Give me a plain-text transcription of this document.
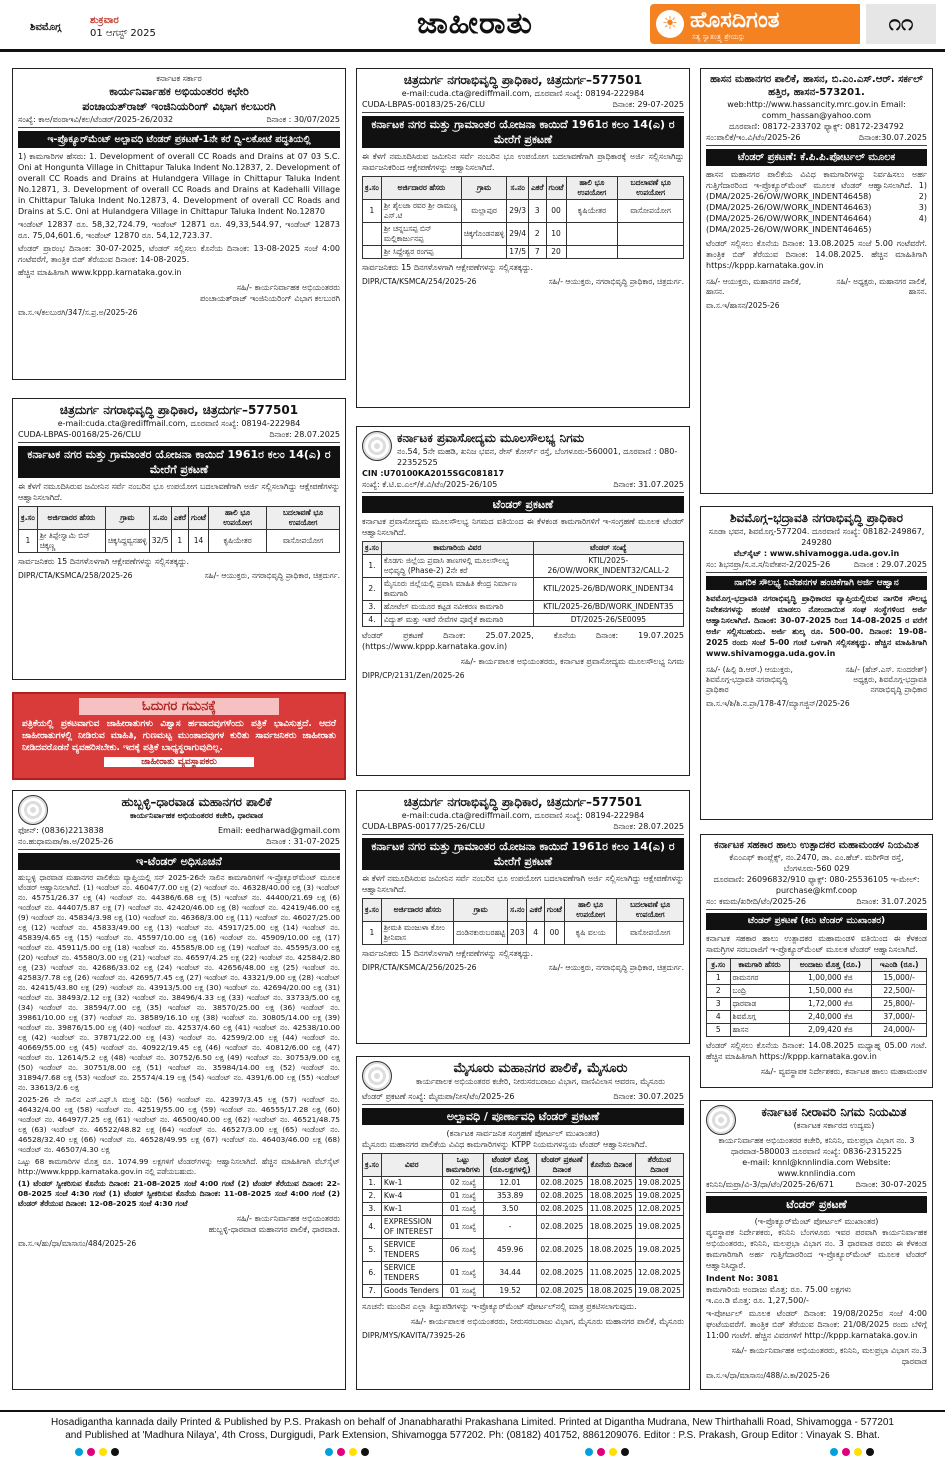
ಶಿವಮೊಗ್ಗ
ಶುಕ್ರವಾರ
01 ಆಗಸ್ಟ್ 2025	ಜಾಹೀರಾತು	☀ ಹೊಸದಿಗಂತ
ಸತ್ಯ ಸ್ವಾತಂತ್ರ್ಯ ಶ್ರೇಯಸ್ಸು
೧೧
ಕರ್ನಾಟಕ ಸರ್ಕಾರ
ಕಾರ್ಯನಿರ್ವಾಹಕ ಅಭಿಯಂತರರ ಕಛೇರಿ
ಪಂಚಾಯತ್‌ರಾಜ್ ಇಂಜಿನಿಯರಿಂಗ್ ವಿಭಾಗ ಕಲಬುರಗಿ
ಸಂಖ್ಯೆ: ಕಾಅ/ಪಂರಾಇವಿ/ಕಲ/ಟೆಂಡರ್/2025-26/2032	ದಿನಾಂಕ : 30/07/2025
ಇ-ಪ್ರೊಕ್ಯೂರ್‌ಮೆಂಟ್ ಅಲ್ಪಾವಧಿ ಟೆಂಡರ್ ಪ್ರಕಟಣೆ-1ನೇ ಕರೆ ದ್ವಿ-ಲಕೋಟೆ ಪದ್ಧತಿಯಲ್ಲಿ
1) ಕಾಮಗಾರಿಗಳ ಹೆಸರು: 1. Development of overall CC Roads and Drains at 07 03 S.C. Oni at Honguntа Village in Chittapur Taluka Indent No.12837, 2. Development of overall CC Roads and Drains at Hulandgera Village in Chittapur Taluka Indent No.12871, 3. Development of overall CC Roads and Drains at Kadehalli Village in Chittapur Taluka Indent No.12873, 4. Development of overall CC Roads and Drains at S.C. Oni at Hulandgera Village in Chittapur Taluka Indent No.12870
ಇಂಡೆಂಟ್ 12837 ರೂ. 58,32,724.79, ಇಂಡೆಂಟ್ 12871 ರೂ. 49,33,544.97, ಇಂಡೆಂಟ್ 12873 ರೂ. 75,04,601.6, ಇಂಡೆಂಟ್ 12870 ರೂ. 54,12,723.37.
ಟೆಂಡರ್ ಪ್ರಾರಂಭ ದಿನಾಂಕ: 30-07-2025, ಟೆಂಡರ್ ಸಲ್ಲಿಸಲು ಕೊನೆಯ ದಿನಾಂಕ: 13-08-2025 ಸಂಜೆ 4:00 ಗಂಟೆವರೆಗೆ, ತಾಂತ್ರಿಕ ಬಿಡ್ ತೆರೆಯುವ ದಿನಾಂಕ: 14-08-2025.
ಹೆಚ್ಚಿನ ಮಾಹಿತಿಗಾಗಿ www.kppp.karnataka.gov.in
ಸಹಿ/- ಕಾರ್ಯನಿರ್ವಾಹಕ ಅಭಿಯಂತರರು
ಪಂಚಾಯತ್‌ರಾಜ್ ಇಂಜಿನಿಯರಿಂಗ್ ವಿಭಾಗ ಕಲಬುರಗಿ
ವಾ.ಸ.ಇ/ಕಲಬುರಗಿ/347/ಸ.ಪ್ರ.ಅ/2025-26
ಚಿತ್ರದುರ್ಗ ನಗರಾಭಿವೃದ್ಧಿ ಪ್ರಾಧಿಕಾರ, ಚಿತ್ರದುರ್ಗ–577501
e-mail:cuda.cta@rediffmail.com, ದೂರವಾಣಿ ಸಂಖ್ಯೆ: 08194-222984
CUDA-LBPAS-00183/25-26/CLU	ದಿನಾಂಕ: 29-07-2025
ಕರ್ನಾಟಕ ನಗರ ಮತ್ತು ಗ್ರಾಮಾಂತರ ಯೋಜನಾ ಕಾಯಿದೆ 1961ರ ಕಲಂ 14(ಎ) ರ ಮೇರೆಗೆ ಪ್ರಕಟಣೆ
ಈ ಕೆಳಗೆ ನಮೂದಿಸಿರುವ ಜಮೀನಿನ ಸರ್ವೆ ನಂಬರಿನ ಭೂ ಉಪಯೋಗ ಬದಲಾವಣೆಗಾಗಿ ಪ್ರಾಧಿಕಾರಕ್ಕೆ ಅರ್ಜಿ ಸಲ್ಲಿಸಲಾಗಿದ್ದು ಸಾರ್ವಜನಿಕರಿಂದ ಆಕ್ಷೇಪಣೆಗಳನ್ನು ಆಹ್ವಾನಿಸಲಾಗಿದೆ.
ಕ್ರ.ಸಂ	ಅರ್ಜಿದಾರರ ಹೆಸರು	ಗ್ರಾಮ	ಸ.ನಂ	ಎಕರೆ	ಗುಂಟೆ	ಹಾಲಿ ಭೂ ಉಪಯೋಗ	ಬದಲಾವಣೆ ಭೂ ಉಪಯೋಗ
1	ಶ್ರೀ ಶೈಲಜಾ ರವರ ಶ್ರೀ ರಾಮಣ್ಣ ಎಸ್.ಟಿ	ಮಲ್ಲಾಪುರ	29/3	3	00	ಕೃಷಿಯೇತರ	ವಾಸೋಪಯೋಗ
	ಶ್ರೀ ಚನ್ನಬಸಪ್ಪ ಬಿನ್ ಮಲ್ಲಿಕಾರ್ಜುನಪ್ಪ	ಚಿಕ್ಕಗೊಂಡನಹಳ್ಳಿ	29/4	2	10		
	ಶ್ರೀ ಸಿದ್ದೇಶ್ವರ ರಂಗಪ್ಪ		17/5	7	20		
ಸಾರ್ವಜನಿಕರು 15 ದಿನಗಳೊಳಗಾಗಿ ಆಕ್ಷೇಪಣೆಗಳನ್ನು ಸಲ್ಲಿಸತಕ್ಕದ್ದು.
DIPR/CTA/KSMCA/254/2025-26	ಸಹಿ/- ಆಯುಕ್ತರು, ನಗರಾಭಿವೃದ್ಧಿ ಪ್ರಾಧಿಕಾರ, ಚಿತ್ರದುರ್ಗ.
ಹಾಸನ ಮಹಾನಗರ ಪಾಲಿಕೆ, ಹಾಸನ, ಬಿ.ಎಂ.ಎಸ್.ಆರ್. ಸರ್ಕಲ್ ಹತ್ತಿರ, ಹಾಸನ-573201.
web:http://www.hassancity.mrc.gov.in Email: comm_hassan@yahoo.com
ದೂರವಾಣಿ: 08172-233702 ಫ್ಯಾಕ್ಸ್: 08172-234792
ಸಂ:ಪಾಲಿಕೆ/ಇಂ.ವಿ/ಟೆಂ/2025-26	ದಿನಾಂಕ:30.07.2025
ಟೆಂಡರ್ ಪ್ರಕಟಣೆ: ಕೆ.ಪಿ.ಪಿ.ಪೋರ್ಟಲ್ ಮೂಲಕ
ಹಾಸನ ಮಹಾನಗರ ಪಾಲಿಕೆಯ ವಿವಿಧ ಕಾಮಗಾರಿಗಳನ್ನು ನಿರ್ವಹಿಸಲು ಅರ್ಹ ಗುತ್ತಿಗೆದಾರರಿಂದ ಇ-ಪ್ರೊಕ್ಯೂರ್‌ಮೆಂಟ್ ಮೂಲಕ ಟೆಂಡರ್ ಆಹ್ವಾನಿಸಲಾಗಿದೆ. 1) (DMA/2025-26/OW/WORK_INDENT46458) 2) (DMA/2025-26/OW/WORK_INDENT46463) 3) (DMA/2025-26/OW/WORK_INDENT46464) 4) (DMA/2025-26/OW/WORK_INDENT46465)
ಟೆಂಡರ್ ಸಲ್ಲಿಸಲು ಕೊನೆಯ ದಿನಾಂಕ: 13.08.2025 ಸಂಜೆ 5.00 ಗಂಟೆವರೆಗೆ. ತಾಂತ್ರಿಕ ಬಿಡ್ ತೆರೆಯುವ ದಿನಾಂಕ: 14.08.2025. ಹೆಚ್ಚಿನ ಮಾಹಿತಿಗಾಗಿ https://kppp.karnataka.gov.in
ಸಹಿ/- ಆಯುಕ್ತರು, ಮಹಾನಗರ ಪಾಲಿಕೆ, ಹಾಸನ.
ಸಹಿ/- ಅಧ್ಯಕ್ಷರು, ಮಹಾನಗರ ಪಾಲಿಕೆ, ಹಾಸನ.
ವಾ.ಸ.ಇ/ಹಾಸನ/2025-26
ಚಿತ್ರದುರ್ಗ ನಗರಾಭಿವೃದ್ಧಿ ಪ್ರಾಧಿಕಾರ, ಚಿತ್ರದುರ್ಗ–577501
e-mail:cuda.cta@rediffmail.com, ದೂರವಾಣಿ ಸಂಖ್ಯೆ: 08194-222984
CUDA-LBPAS-00168/25-26/CLU	ದಿನಾಂಕ: 28.07.2025
ಕರ್ನಾಟಕ ನಗರ ಮತ್ತು ಗ್ರಾಮಾಂತರ ಯೋಜನಾ ಕಾಯಿದೆ 1961ರ ಕಲಂ 14(ಎ) ರ ಮೇರೆಗೆ ಪ್ರಕಟಣೆ
ಈ ಕೆಳಗೆ ನಮೂದಿಸಿರುವ ಜಮೀನಿನ ಸರ್ವೆ ನಂಬರಿನ ಭೂ ಉಪಯೋಗ ಬದಲಾವಣೆಗಾಗಿ ಅರ್ಜಿ ಸಲ್ಲಿಸಲಾಗಿದ್ದು ಆಕ್ಷೇಪಣೆಗಳನ್ನು ಆಹ್ವಾನಿಸಲಾಗಿದೆ.
ಕ್ರ.ಸಂ	ಅರ್ಜಿದಾರರ ಹೆಸರು	ಗ್ರಾಮ	ಸ.ನಂ	ಎಕರೆ	ಗುಂಟೆ	ಹಾಲಿ ಭೂ ಉಪಯೋಗ	ಬದಲಾವಣೆ ಭೂ ಉಪಯೋಗ
1	ಶ್ರೀ ತಿಪ್ಪೇಸ್ವಾಮಿ ಬಿನ್ ಚಿಕ್ಕಣ್ಣ	ಚಿಕ್ಕಸಿದ್ದವ್ವನಹಳ್ಳಿ	32/5	1	14	ಕೃಷಿಯೇತರ	ವಾಸೋಪಯೋಗ
ಸಾರ್ವಜನಿಕರು 15 ದಿನಗಳೊಳಗಾಗಿ ಆಕ್ಷೇಪಣೆಗಳನ್ನು ಸಲ್ಲಿಸತಕ್ಕದ್ದು.
DIPR/CTA/KSMCA/258/2025-26	ಸಹಿ/- ಆಯುಕ್ತರು, ನಗರಾಭಿವೃದ್ಧಿ ಪ್ರಾಧಿಕಾರ, ಚಿತ್ರದುರ್ಗ.
ಕರ್ನಾಟಕ ಪ್ರವಾಸೋದ್ಯಮ ಮೂಲಸೌಲಭ್ಯ ನಿಗಮ
ನಂ.54, 5ನೇ ಮಹಡಿ, ಖನಿಜ ಭವನ, ರೇಸ್ ಕೋರ್ಸ್ ರಸ್ತೆ, ಬೆಂಗಳೂರು-560001, ದೂರವಾಣಿ : 080-22352525
CIN :U70100KA2015SGC081817
ಸಂಖ್ಯೆ: ಕೆ.ಟಿ.ಐ.ಎಲ್/ಕೆ.ವಿ/ಟೆಂ/2025-26/105	ದಿನಾಂಕ: 31.07.2025
ಟೆಂಡರ್ ಪ್ರಕಟಣೆ
ಕರ್ನಾಟಕ ಪ್ರವಾಸೋದ್ಯಮ ಮೂಲಸೌಲಭ್ಯ ನಿಗಮದ ವತಿಯಿಂದ ಈ ಕೆಳಕಂಡ ಕಾಮಗಾರಿಗಳಿಗೆ ಇ-ಸಂಗ್ರಹಣೆ ಮೂಲಕ ಟೆಂಡರ್ ಆಹ್ವಾನಿಸಲಾಗಿದೆ.
ಕ್ರ.ಸಂ	ಕಾಮಗಾರಿಯ ವಿವರ	ಟೆಂಡರ್ ಸಂಖ್ಯೆ
1.	ಕೊಡಗು ಜಿಲ್ಲೆಯ ಪ್ರವಾಸಿ ತಾಣಗಳಲ್ಲಿ ಮೂಲಸೌಲಭ್ಯ ಅಭಿವೃದ್ಧಿ (Phase-2) 2ನೇ ಕರೆ	KTIL/2025-26/OW/WORK_INDENT32/CALL-2
2.	ಮೈಸೂರು ಜಿಲ್ಲೆಯಲ್ಲಿ ಪ್ರವಾಸಿ ಮಾಹಿತಿ ಕೇಂದ್ರ ನಿರ್ಮಾಣ ಕಾಮಗಾರಿ	KTIL/2025-26/BD/WORK_INDENT34
3.	ಹೋಟೆಲ್ ಮಯೂರ ಕಟ್ಟಡ ನವೀಕರಣ ಕಾಮಗಾರಿ	KTIL/2025-26/BD/WORK_INDENT35
4.	ವಿದ್ಯುತ್ ಮತ್ತು ಇತರೆ ಸೇವೆಗಳ ಪೂರೈಕೆ ಕಾಮಗಾರಿ	DT/2025-26/SE0095
ಟೆಂಡರ್ ಪ್ರಕಟಣೆ ದಿನಾಂಕ: 25.07.2025, ಕೊನೆಯ ದಿನಾಂಕ: 19.07.2025 (https://www.kppp.karnataka.gov.in)
ಸಹಿ/- ಕಾರ್ಯಪಾಲಕ ಅಭಿಯಂತರರು, ಕರ್ನಾಟಕ ಪ್ರವಾಸೋದ್ಯಮ ಮೂಲಸೌಲಭ್ಯ ನಿಗಮ
DIPR/CP/2131/Zen/2025-26
ಶಿವಮೊಗ್ಗ–ಭದ್ರಾವತಿ ನಗರಾಭಿವೃದ್ಧಿ ಪ್ರಾಧಿಕಾರ
ಸೂಡಾ ಭವನ, ಶಿವಮೊಗ್ಗ-577204. ದೂರವಾಣಿ ಸಂಖ್ಯೆ: 08182-249867, 249280
ವೆಬ್‌ಸೈಟ್ : www.shivamogga.uda.gov.in
ಸಂ: ಶಿಭನಪ್ರಾ/ಸ.ನ.ಸ/ನಿವೇಶನ-2/2025-26	ದಿನಾಂಕ : 29.07.2025
ನಾಗರಿಕ ಸೌಲಭ್ಯ ನಿವೇಶನಗಳ ಹಂಚಿಕೆಗಾಗಿ ಅರ್ಜಿ ಆಹ್ವಾನ
ಶಿವಮೊಗ್ಗ-ಭದ್ರಾವತಿ ನಗರಾಭಿವೃದ್ಧಿ ಪ್ರಾಧಿಕಾರದ ವ್ಯಾಪ್ತಿಯಲ್ಲಿರುವ ನಾಗರಿಕ ಸೌಲಭ್ಯ ನಿವೇಶನಗಳನ್ನು ಹಂಚಿಕೆ ಮಾಡಲು ನೋಂದಾಯಿತ ಸಂಘ ಸಂಸ್ಥೆಗಳಿಂದ ಅರ್ಜಿ ಆಹ್ವಾನಿಸಲಾಗಿದೆ. ದಿನಾಂಕ: 30-07-2025 ರಿಂದ 14-08-2025 ರ ವರೆಗೆ ಅರ್ಜಿ ಸಲ್ಲಿಸಬಹುದು. ಅರ್ಜಿ ಶುಲ್ಕ ರೂ. 500-00. ದಿನಾಂಕ: 19-08-2025 ರಂದು ಸಂಜೆ 5-00 ಗಂಟೆ ಒಳಗಾಗಿ ಸಲ್ಲಿಸತಕ್ಕದ್ದು. ಹೆಚ್ಚಿನ ಮಾಹಿತಿಗಾಗಿ www.shivamogga.uda.gov.in
ಸಹಿ/- (ಹಿಲ್ಪಿ ಡಿ.ಆರ್.) ಆಯುಕ್ತರು, ಶಿವಮೊಗ್ಗ-ಭದ್ರಾವತಿ ನಗರಾಭಿವೃದ್ಧಿ ಪ್ರಾಧಿಕಾರ
ಸಹಿ/- (ಹೆಚ್.ಎಸ್. ಸುಂದರೇಶ್) ಅಧ್ಯಕ್ಷರು, ಶಿವಮೊಗ್ಗ-ಭದ್ರಾವತಿ ನಗರಾಭಿವೃದ್ಧಿ ಪ್ರಾಧಿಕಾರ
ವಾ.ಸ.ಇ/ಶಿ/ಶಿ.ನ.ಪ್ರಾ/178-47/ಮ್ಯಾಗಜ್ಜಿನ್/2025-26
ಓದುಗರ ಗಮನಕ್ಕೆ
ಪತ್ರಿಕೆಯಲ್ಲಿ ಪ್ರಕಟವಾಗುವ ಜಾಹೀರಾತುಗಳು ವಿಶ್ವಾಸ ರ್ಹವಾದವುಗಳೆಂದು ಪತ್ರಿಕೆ ಭಾವಿಸುತ್ತದೆ. ಆದರೆ ಜಾಹೀರಾತುಗಳಲ್ಲಿ ನೀಡಿರುವ ಮಾಹಿತಿ, ಗುಣಮಟ್ಟ ಮುಂತಾದವುಗಳ ಕುರಿತು ಸಾರ್ವಜನಿಕರು ಜಾಹೀರಾತು ನೀಡಿದವರೊಡನೆ ವ್ಯವಹರಿಸಬೇಕು. ಇದಕ್ಕೆ ಪತ್ರಿಕೆ ಬಾಧ್ಯಸ್ಥರಾಗುವುದಿಲ್ಲ.
ಜಾಹೀರಾತು ವ್ಯವಸ್ಥಾಪಕರು
ಹುಬ್ಬಳ್ಳಿ–ಧಾರವಾಡ ಮಹಾನಗರ ಪಾಲಿಕೆ
ಕಾರ್ಯನಿರ್ವಾಹಕ ಅಭಿಯಂತರರ ಕಚೇರಿ, ಧಾರವಾಡ
ಫೋನ್: (0836)2213838	Email: eedharwad@gmail.com
ನಂ.ಹುಧಾಮಪಾ/ಕಾ.ಅ/2025-26	ದಿನಾಂಕ : 31-07-2025
ಇ-ಟೆಂಡರ್ ಅಧಿಸೂಚನೆ
ಹುಬ್ಬಳ್ಳಿ ಧಾರವಾಡ ಮಹಾನಗರ ಪಾಲಿಕೆಯ ವ್ಯಾಪ್ತಿಯಲ್ಲಿ ಸನ್ 2025-26ನೇ ಸಾಲಿನ ಕಾಮಗಾರಿಗಳಿಗೆ ಇ-ಪ್ರೊಕ್ಯೂರ್‌ಮೆಂಟ್ ಮೂಲಕ ಟೆಂಡರ್ ಆಹ್ವಾನಿಸಲಾಗಿದೆ. (1) ಇಂಡೆಂಟ್ ನಂ. 46047/7.00 ಲಕ್ಷ (2) ಇಂಡೆಂಟ್ ನಂ. 46328/40.00 ಲಕ್ಷ (3) ಇಂಡೆಂಟ್ ನಂ. 45751/26.37 ಲಕ್ಷ (4) ಇಂಡೆಂಟ್ ನಂ. 44386/6.68 ಲಕ್ಷ (5) ಇಂಡೆಂಟ್ ನಂ. 44400/21.69 ಲಕ್ಷ (6) ಇಂಡೆಂಟ್ ನಂ. 44407/5.87 ಲಕ್ಷ (7) ಇಂಡೆಂಟ್ ನಂ. 42420/46.00 ಲಕ್ಷ (8) ಇಂಡೆಂಟ್ ನಂ. 42419/46.00 ಲಕ್ಷ (9) ಇಂಡೆಂಟ್ ನಂ. 45834/3.98 ಲಕ್ಷ (10) ಇಂಡೆಂಟ್ ನಂ. 46368/3.00 ಲಕ್ಷ (11) ಇಂಡೆಂಟ್ ನಂ. 46027/25.00 ಲಕ್ಷ (12) ಇಂಡೆಂಟ್ ನಂ. 45833/49.00 ಲಕ್ಷ (13) ಇಂಡೆಂಟ್ ನಂ. 45917/25.00 ಲಕ್ಷ (14) ಇಂಡೆಂಟ್ ನಂ. 45839/4.65 ಲಕ್ಷ (15) ಇಂಡೆಂಟ್ ನಂ. 45597/10.00 ಲಕ್ಷ (16) ಇಂಡೆಂಟ್ ನಂ. 45909/10.00 ಲಕ್ಷ (17) ಇಂಡೆಂಟ್ ನಂ. 45911/5.00 ಲಕ್ಷ (18) ಇಂಡೆಂಟ್ ನಂ. 45585/8.00 ಲಕ್ಷ (19) ಇಂಡೆಂಟ್ ನಂ. 45595/3.00 ಲಕ್ಷ (20) ಇಂಡೆಂಟ್ ನಂ. 45580/3.00 ಲಕ್ಷ (21) ಇಂಡೆಂಟ್ ನಂ. 46597/4.25 ಲಕ್ಷ (22) ಇಂಡೆಂಟ್ ನಂ. 42584/2.80 ಲಕ್ಷ (23) ಇಂಡೆಂಟ್ ನಂ. 42686/33.02 ಲಕ್ಷ (24) ಇಂಡೆಂಟ್ ನಂ. 42656/48.00 ಲಕ್ಷ (25) ಇಂಡೆಂಟ್ ನಂ. 42583/7.78 ಲಕ್ಷ (26) ಇಂಡೆಂಟ್ ನಂ. 42695/7.45 ಲಕ್ಷ (27) ಇಂಡೆಂಟ್ ನಂ. 43321/9.00 ಲಕ್ಷ (28) ಇಂಡೆಂಟ್ ನಂ. 42415/43.80 ಲಕ್ಷ (29) ಇಂಡೆಂಟ್ ನಂ. 43913/5.00 ಲಕ್ಷ (30) ಇಂಡೆಂಟ್ ನಂ. 42694/20.00 ಲಕ್ಷ (31) ಇಂಡೆಂಟ್ ನಂ. 38493/2.12 ಲಕ್ಷ (32) ಇಂಡೆಂಟ್ ನಂ. 38496/4.33 ಲಕ್ಷ (33) ಇಂಡೆಂಟ್ ನಂ. 33733/5.00 ಲಕ್ಷ (34) ಇಂಡೆಂಟ್ ನಂ. 38594/7.00 ಲಕ್ಷ (35) ಇಂಡೆಂಟ್ ನಂ. 38570/25.00 ಲಕ್ಷ (36) ಇಂಡೆಂಟ್ ನಂ. 39861/10.00 ಲಕ್ಷ (37) ಇಂಡೆಂಟ್ ನಂ. 38589/16.10 ಲಕ್ಷ (38) ಇಂಡೆಂಟ್ ನಂ. 30805/14.00 ಲಕ್ಷ (39) ಇಂಡೆಂಟ್ ನಂ. 39876/15.00 ಲಕ್ಷ (40) ಇಂಡೆಂಟ್ ನಂ. 42537/4.60 ಲಕ್ಷ (41) ಇಂಡೆಂಟ್ ನಂ. 42538/10.00 ಲಕ್ಷ (42) ಇಂಡೆಂಟ್ ನಂ. 37871/22.00 ಲಕ್ಷ (43) ಇಂಡೆಂಟ್ ನಂ. 42599/2.00 ಲಕ್ಷ (44) ಇಂಡೆಂಟ್ ನಂ. 40669/55.00 ಲಕ್ಷ (45) ಇಂಡೆಂಟ್ ನಂ. 40922/19.45 ಲಕ್ಷ (46) ಇಂಡೆಂಟ್ ನಂ. 40812/6.00 ಲಕ್ಷ (47) ಇಂಡೆಂಟ್ ನಂ. 12614/5.2 ಲಕ್ಷ (48) ಇಂಡೆಂಟ್ ನಂ. 30752/6.50 ಲಕ್ಷ (49) ಇಂಡೆಂಟ್ ನಂ. 30753/9.00 ಲಕ್ಷ (50) ಇಂಡೆಂಟ್ ನಂ. 30751/8.00 ಲಕ್ಷ (51) ಇಂಡೆಂಟ್ ನಂ. 35984/14.00 ಲಕ್ಷ (52) ಇಂಡೆಂಟ್ ನಂ. 31894/7.68 ಲಕ್ಷ (53) ಇಂಡೆಂಟ್ ನಂ. 25574/4.19 ಲಕ್ಷ (54) ಇಂಡೆಂಟ್ ನಂ. 4391/6.00 ಲಕ್ಷ (55) ಇಂಡೆಂಟ್ ನಂ. 33613/2.6 ಲಕ್ಷ
2025-26 ನೇ ಸಾಲಿನ ಎಸ್.ಎಫ್.ಸಿ ಮುಕ್ತ ನಿಧಿ: (56) ಇಂಡೆಂಟ್ ನಂ. 42397/3.45 ಲಕ್ಷ (57) ಇಂಡೆಂಟ್ ನಂ. 46432/4.00 ಲಕ್ಷ (58) ಇಂಡೆಂಟ್ ನಂ. 42519/55.00 ಲಕ್ಷ (59) ಇಂಡೆಂಟ್ ನಂ. 46555/17.28 ಲಕ್ಷ (60) ಇಂಡೆಂಟ್ ನಂ. 46497/7.25 ಲಕ್ಷ (61) ಇಂಡೆಂಟ್ ನಂ. 46500/40.00 ಲಕ್ಷ (62) ಇಂಡೆಂಟ್ ನಂ. 46521/48.75 ಲಕ್ಷ (63) ಇಂಡೆಂಟ್ ನಂ. 46522/48.82 ಲಕ್ಷ (64) ಇಂಡೆಂಟ್ ನಂ. 46527/3.00 ಲಕ್ಷ (65) ಇಂಡೆಂಟ್ ನಂ. 46528/32.40 ಲಕ್ಷ (66) ಇಂಡೆಂಟ್ ನಂ. 46528/49.95 ಲಕ್ಷ (67) ಇಂಡೆಂಟ್ ನಂ. 46403/46.00 ಲಕ್ಷ (68) ಇಂಡೆಂಟ್ ನಂ. 46507/4.30 ಲಕ್ಷ
ಒಟ್ಟು 68 ಕಾಮಗಾರಿಗಳ ಮೊತ್ತ ರೂ. 1074.99 ಲಕ್ಷಗಳಿಗೆ ಟೆಂಡರ್‌ಗಳನ್ನು ಆಹ್ವಾನಿಸಲಾಗಿದೆ. ಹೆಚ್ಚಿನ ಮಾಹಿತಿಗಾಗಿ ವೆಬ್‌ಸೈಟ್ http://www.kppp.karnataka.gov.in ನಲ್ಲಿ ಪಡೆಯಬಹುದು.
(1) ಟೆಂಡರ್ ಸ್ವೀಕರಿಸುವ ಕೊನೆಯ ದಿನಾಂಕ: 21-08-2025 ಸಂಜೆ 4:00 ಗಂಟೆ (2) ಟೆಂಡರ್ ತೆರೆಯುವ ದಿನಾಂಕ: 22-08-2025 ಸಂಜೆ 4:30 ಗಂಟೆ (1) ಟೆಂಡರ್ ಸ್ವೀಕರಿಸುವ ಕೊನೆಯ ದಿನಾಂಕ: 11-08-2025 ಸಂಜೆ 4:00 ಗಂಟೆ (2) ಟೆಂಡರ್ ತೆರೆಯುವ ದಿನಾಂಕ: 12-08-2025 ಸಂಜೆ 4:30 ಗಂಟೆ
ಸಹಿ/- ಕಾರ್ಯನಿರ್ವಾಹಕ ಅಭಿಯಂತರರು
ಹುಬ್ಬಳ್ಳಿ-ಧಾರವಾಡ ಮಹಾನಗರ ಪಾಲಿಕೆ, ಧಾರವಾಡ.
ವಾ.ಸ.ಇ/ಹು/ಧಾ/ಮಾಸಾಸಂ/484/2025-26
ಚಿತ್ರದುರ್ಗ ನಗರಾಭಿವೃದ್ಧಿ ಪ್ರಾಧಿಕಾರ, ಚಿತ್ರದುರ್ಗ–577501
e-mail:cuda.cta@rediffmail.com, ದೂರವಾಣಿ ಸಂಖ್ಯೆ: 08194-222984
CUDA-LBPAS-00177/25-26/CLU	ದಿನಾಂಕ: 28.07.2025
ಕರ್ನಾಟಕ ನಗರ ಮತ್ತು ಗ್ರಾಮಾಂತರ ಯೋಜನಾ ಕಾಯಿದೆ 1961ರ ಕಲಂ 14(ಎ) ರ ಮೇರೆಗೆ ಪ್ರಕಟಣೆ
ಈ ಕೆಳಗೆ ನಮೂದಿಸಿರುವ ಜಮೀನಿನ ಸರ್ವೆ ನಂಬರಿನ ಭೂ ಉಪಯೋಗ ಬದಲಾವಣೆಗಾಗಿ ಅರ್ಜಿ ಸಲ್ಲಿಸಲಾಗಿದ್ದು ಆಕ್ಷೇಪಣೆಗಳನ್ನು ಆಹ್ವಾನಿಸಲಾಗಿದೆ.
ಕ್ರ.ಸಂ	ಅರ್ಜಿದಾರರ ಹೆಸರು	ಗ್ರಾಮ	ಸ.ನಂ	ಎಕರೆ	ಗುಂಟೆ	ಹಾಲಿ ಭೂ ಉಪಯೋಗ	ಬದಲಾವಣೆ ಭೂ ಉಪಯೋಗ
1	ಶ್ರೀಮತಿ ಮಂಜುಳಾ ಕೋಂ ಶ್ರೀನಿವಾಸ	ದಂಡಿನಕುರುಬರಹಟ್ಟಿ	203	4	00	ಕೃಷಿ ವಲಯ	ವಾಸೋಪಯೋಗ
ಸಾರ್ವಜನಿಕರು 15 ದಿನಗಳೊಳಗಾಗಿ ಆಕ್ಷೇಪಣೆಗಳನ್ನು ಸಲ್ಲಿಸತಕ್ಕದ್ದು.
DIPR/CTA/KSMCA/256/2025-26	ಸಹಿ/- ಆಯುಕ್ತರು, ನಗರಾಭಿವೃದ್ಧಿ ಪ್ರಾಧಿಕಾರ, ಚಿತ್ರದುರ್ಗ.
ಕರ್ನಾಟಕ ಸಹಕಾರ ಹಾಲು ಉತ್ಪಾದಕರ ಮಹಾಮಂಡಳ ನಿಯಮಿತ
ಕೆಎಂಎಫ್ ಕಾಂಪ್ಲೆಕ್ಸ್, ನಂ.2470, ಡಾ. ಎಂ.ಹೆಚ್. ಮರಿಗೌಡ ರಸ್ತೆ, ಬೆಂಗಳೂರು-560 029
ದೂರವಾಣಿ: 26096832/910 ಫ್ಯಾಕ್ಸ್: 080-25536105 ಇ-ಮೇಲ್: purchase@kmf.coop
ಸಂ: ಕಮಮ/ಖರೀದಿ/ಟೆಂ/2025-26	ದಿನಾಂಕ: 31.07.2025
ಟೆಂಡರ್ ಪ್ರಕಟಣೆ (ಕಿರು ಟೆಂಡರ್ ಮುಖಾಂತರ)
ಕರ್ನಾಟಕ ಸಹಕಾರ ಹಾಲು ಉತ್ಪಾದಕರ ಮಹಾಮಂಡಳಿ ವತಿಯಿಂದ ಈ ಕೆಳಕಂಡ ಸಾಮಗ್ರಿಗಳ ಸರಬರಾಜಿಗೆ ಇ-ಪ್ರೊಕ್ಯೂರ್‌ಮೆಂಟ್ ಮೂಲಕ ಟೆಂಡರ್ ಆಹ್ವಾನಿಸಲಾಗಿದೆ.
ಕ್ರ.ಸಂ	ಕಾಮಗಾರಿ ಹೆಸರು	ಅಂದಾಜು ಮೊತ್ತ (ರೂ.)	ಇಎಂಡಿ (ರೂ.)
1	ರಾಮನಗರ	1,00,000 ಕೆಜಿ	15,000/-
2	ಬಂದ್ರಿ	1,50,000 ಕೆಜಿ	22,500/-
3	ಧಾರವಾಡ	1,72,000 ಕೆಜಿ	25,800/-
4	ಶಿವಮೊಗ್ಗ	2,40,000 ಕೆಜಿ	37,000/-
5	ಹಾಸನ	2,09,420 ಕೆಜಿ	24,000/-
ಟೆಂಡರ್ ಸಲ್ಲಿಸಲು ಕೊನೆಯ ದಿನಾಂಕ: 14.08.2025 ಮಧ್ಯಾಹ್ನ 05.00 ಗಂಟೆ. ಹೆಚ್ಚಿನ ಮಾಹಿತಿಗಾಗಿ https://kppp.karnataka.gov.in
ಸಹಿ/- ವ್ಯವಸ್ಥಾಪಕ ನಿರ್ದೇಶಕರು, ಕರ್ನಾಟಕ ಹಾಲು ಮಹಾಮಂಡಳ
ಮೈಸೂರು ಮಹಾನಗರ ಪಾಲಿಕೆ, ಮೈಸೂರು
ಕಾರ್ಯಪಾಲಕ ಅಭಿಯಂತರರ ಕಚೇರಿ, ನೀರುಸರಬರಾಜು ವಿಭಾಗ, ವಾಣಿವಿಲಾಸ ಆವರಣ, ಮೈಸೂರು
ಟೆಂಡರ್ ಪ್ರಕಟಣೆ ಸಂಖ್ಯೆ: ಮೈಮಪಾ/ನೀಸ/ಟೆಂ/2025-26	ದಿನಾಂಕ: 30.07.2025
ಅಲ್ಪಾವಧಿ / ಪೂರ್ಣಾವಧಿ ಟೆಂಡರ್ ಪ್ರಕಟಣೆ
(ಕರ್ನಾಟಕ ಸಾರ್ವಜನಿಕ ಸಂಗ್ರಹಣೆ ಪೋರ್ಟಲ್ ಮುಖಾಂತರ)
ಮೈಸೂರು ಮಹಾನಗರ ಪಾಲಿಕೆಯ ವಿವಿಧ ಕಾಮಗಾರಿಗಳನ್ನು KTPP ನಿಯಮಗಳನ್ವಯ ಟೆಂಡರ್ ಆಹ್ವಾನಿಸಲಾಗಿದೆ.
ಕ್ರ.ಸಂ	ವಿವರ	ಒಟ್ಟು ಕಾಮಗಾರಿಗಳು	ಟೆಂಡರ್ ಮೊತ್ತ (ರೂ.ಲಕ್ಷಗಳಲ್ಲಿ)	ಟೆಂಡರ್ ಪ್ರಕಟಣೆ ದಿನಾಂಕ	ಕೊನೆಯ ದಿನಾಂಕ	ತೆರೆಯುವ ದಿನಾಂಕ
1.	Kw-1	02 ಸಂಖ್ಯೆ	12.01	02.08.2025	18.08.2025	19.08.2025
2.	Kw-4	01 ಸಂಖ್ಯೆ	353.89	02.08.2025	18.08.2025	19.08.2025
3.	Kw-1	01 ಸಂಖ್ಯೆ	3.50	02.08.2025	11.08.2025	12.08.2025
4.	EXPRESSION OF INTEREST	01 ಸಂಖ್ಯೆ	-	02.08.2025	18.08.2025	19.08.2025
5.	SERVICE TENDERS	06 ಸಂಖ್ಯೆ	459.96	02.08.2025	18.08.2025	19.08.2025
6.	SERVICE TENDERS	01 ಸಂಖ್ಯೆ	34.44	02.08.2025	11.08.2025	12.08.2025
7.	Goods Tenders	01 ಸಂಖ್ಯೆ	19.52	02.08.2025	18.08.2025	19.08.2025
ಸೂಚನೆ: ಮುಂದಿನ ಎಲ್ಲಾ ತಿದ್ದುಪಡಿಗಳನ್ನು ಇ-ಪ್ರೊಕ್ಯೂರ್‌ಮೆಂಟ್ ಪೋರ್ಟಲ್‌ನಲ್ಲಿ ಮಾತ್ರ ಪ್ರಕಟಿಸಲಾಗುವುದು.
ಸಹಿ/- ಕಾರ್ಯಪಾಲಕ ಅಭಿಯಂತರರು, ನೀರುಸರಬರಾಜು ವಿಭಾಗ, ಮೈಸೂರು ಮಹಾನಗರ ಪಾಲಿಕೆ, ಮೈಸೂರು
DIPR/MYS/KAVITA/73925-26
ಕರ್ನಾಟಕ ನೀರಾವರಿ ನಿಗಮ ನಿಯಮಿತ
(ಕರ್ನಾಟಕ ಸರ್ಕಾರದ ಉದ್ಯಮ)
ಕಾರ್ಯನಿರ್ವಾಹಕ ಅಭಿಯಂತರರ ಕಚೇರಿ, ಕನಿನಿನಿ, ಮಲಪ್ರಭಾ ವಿಭಾಗ ನಂ. 3 ಧಾರವಾಡ-580003 ದೂರವಾಣಿ ಸಂಖ್ಯೆ: 0836-2315225
e-mail: knnl@knnlindia.com Website: www.knnlindia.com
ಕನಿನಿನಿ/ಮಪ್ರಾ/ವಿ-3/ಧಾ/ಟೆಂ/2025-26/671	ದಿನಾಂಕ: 30-07-2025
ಟೆಂಡರ್ ಪ್ರಕಟಣೆ
(ಇ-ಪ್ರೊಕ್ಯೂರ್‌ಮೆಂಟ್ ಪೋರ್ಟಲ್ ಮುಖಾಂತರ)
ವ್ಯವಸ್ಥಾಪಕ ನಿರ್ದೇಶಕರು, ಕನಿನಿನಿ ಬೆಂಗಳೂರು ಇವರ ಪರವಾಗಿ ಕಾರ್ಯನಿರ್ವಾಹಕ ಅಭಿಯಂತರರು, ಕನಿನಿನಿ, ಮಲಪ್ರಭಾ ವಿಭಾಗ ನಂ. 3 ಧಾರವಾಡ ರವರು ಈ ಕೆಳಕಂಡ ಕಾಮಗಾರಿಗಾಗಿ ಅರ್ಹ ಗುತ್ತಿಗೆದಾರರಿಂದ ಇ-ಪ್ರೊಕ್ಯೂರ್‌ಮೆಂಟ್ ಮೂಲಕ ಟೆಂಡರ್ ಆಹ್ವಾನಿಸಿದ್ದಾರೆ.
Indent No: 3081
ಕಾಮಗಾರಿಯ ಅಂದಾಜು ಮೊತ್ತ: ರೂ. 75.00 ಲಕ್ಷಗಳು
ಇ.ಎಂ.ಡಿ ಮೊತ್ತ: ರೂ. 1,27,500/-
ಇ-ಪೋರ್ಟಲ್ ಮೂಲಕ ಟೆಂಡರ್ ದಿನಾಂಕ: 19/08/2025ರ ಸಂಜೆ 4:00 ಘಂಟೆಯವರೆಗೆ. ತಾಂತ್ರಿಕ ಬಿಡ್ ತೆರೆಯುವ ದಿನಾಂಕ: 21/08/2025 ರಂದು ಬೆಳಿಗ್ಗೆ 11:00 ಗಂಟೆಗೆ. ಹೆಚ್ಚಿನ ವಿವರಗಳಿಗೆ http://kppp.karnataka.gov.in
ಸಹಿ/- ಕಾರ್ಯನಿರ್ವಾಹಕ ಅಭಿಯಂತರರು, ಕನಿನಿನಿ, ಮಲಪ್ರಭಾ ವಿಭಾಗ ನಂ.3 ಧಾರವಾಡ
ವಾ.ಸ.ಇ/ಧಾ/ಮಾಸಾಸಂ/488/ವಿ.ಕಾ/2025-26
Hosadigantha kannada daily Printed & Published by P.S. Prakash on behalf of Jnanabharathi Prakashana Limited. Printed at Digantha Mudrana, New Thirthahalli Road, Shivamogga - 577201
and Published at 'Madhura Nilaya', 4th Cross, Durgigudi, Park Extension, Shivamogga 577202. Ph: (08182) 401752, 8861209076. Editor : P.S. Prakash, Group Editor : Vinayak S. Bhat.
